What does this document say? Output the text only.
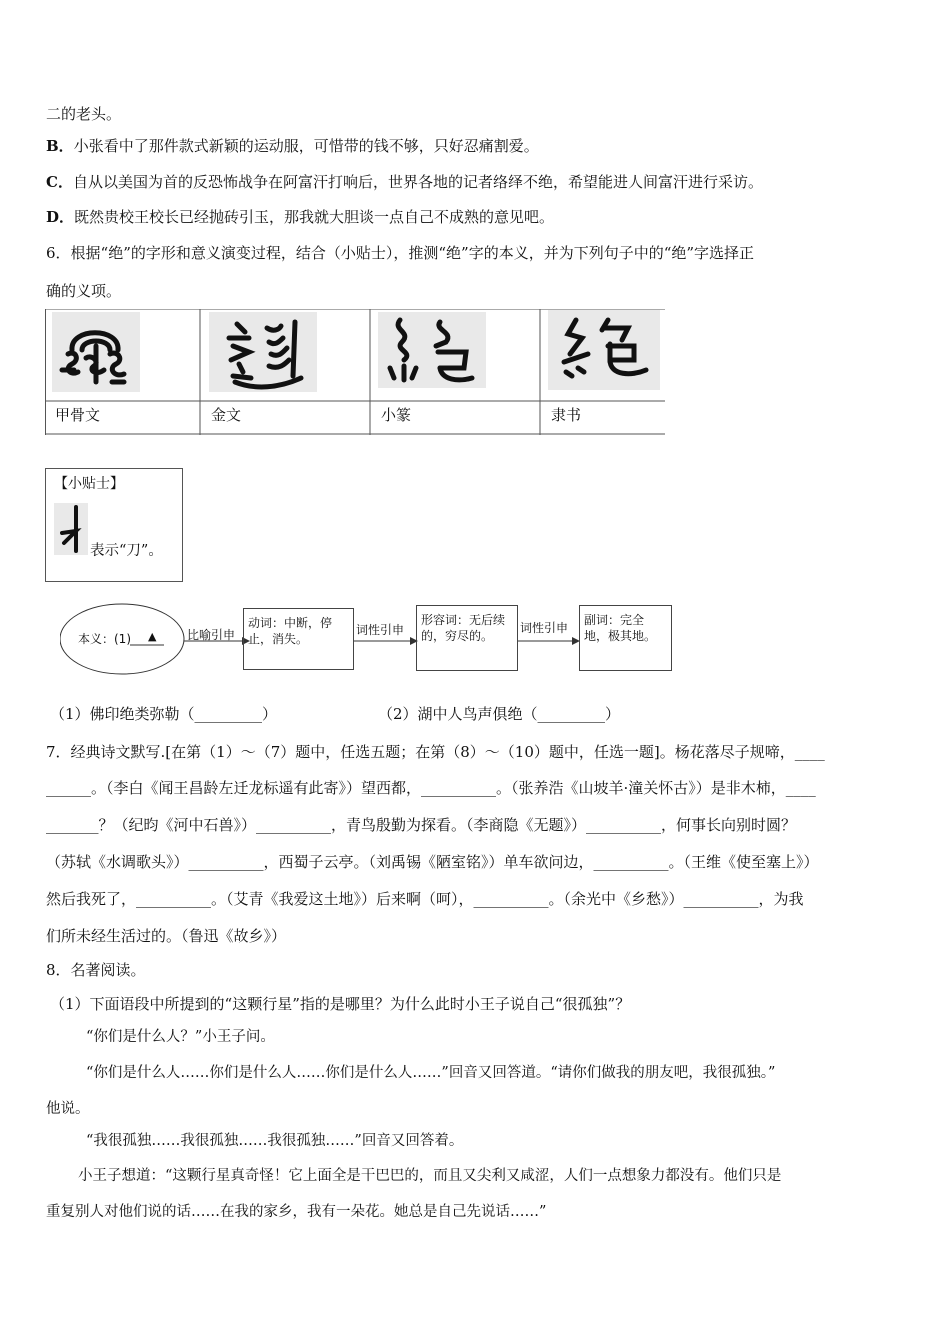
二的老头。
B．小张看中了那件款式新颖的运动服，可惜带的钱不够，只好忍痛割爱。
C．自从以美国为首的反恐怖战争在阿富汗打响后，世界各地的记者络绎不绝，希望能进人间富汗进行采访。
D．既然贵校王校长已经抛砖引玉，那我就大胆谈一点自己不成熟的意见吧。
6．根据“绝”的字形和意义演变过程，结合（小贴士），推测“绝”字的本义，并为下列句子中的“绝”字选择正
确的义项。
甲骨文	金文	小篆	隶书
【小贴士】
表示“刀”。
本义：(1) ▲	比喻引申	词性引申	词性引申
动词：中断，停止，消失。
形容词：无后续的，穷尽的。
副词：完全地，极其地。
（1）佛印绝类弥勒（_________）	（2）湖中人鸟声俱绝（_________）
7．经典诗文默写.[在第（1）～（7）题中，任选五题；在第（8）～（10）题中，任选一题]。杨花落尽子规啼，____
______。（李白《闻王昌龄左迁龙标遥有此寄》）望西都，__________。（张养浩《山坡羊·潼关怀古》）是非木柿，____
_______？（纪昀《河中石兽》）__________，青鸟殷勤为探看。（李商隐《无题》）__________，何事长向别时圆？
（苏轼《水调歌头》）__________，西蜀子云亭。（刘禹锡《陋室铭》）单车欲问边，__________。（王维《使至塞上》）
然后我死了，__________。（艾青《我爱这土地》）后来啊（呵），__________。（余光中《乡愁》）__________，为我
们所未经生活过的。（鲁迅《故乡》）
8．名著阅读。
（1）下面语段中所提到的“这颗行星”指的是哪里？为什么此时小王子说自己“很孤独”？
“你们是什么人？”小王子问。
“你们是什么人……你们是什么人……你们是什么人……”回音又回答道。“请你们做我的朋友吧，我很孤独。”
他说。
“我很孤独……我很孤独……我很孤独……”回音又回答着。
小王子想道：“这颗行星真奇怪！它上面全是干巴巴的，而且又尖利又咸涩，人们一点想象力都没有。他们只是
重复别人对他们说的话……在我的家乡，我有一朵花。她总是自己先说话……”
